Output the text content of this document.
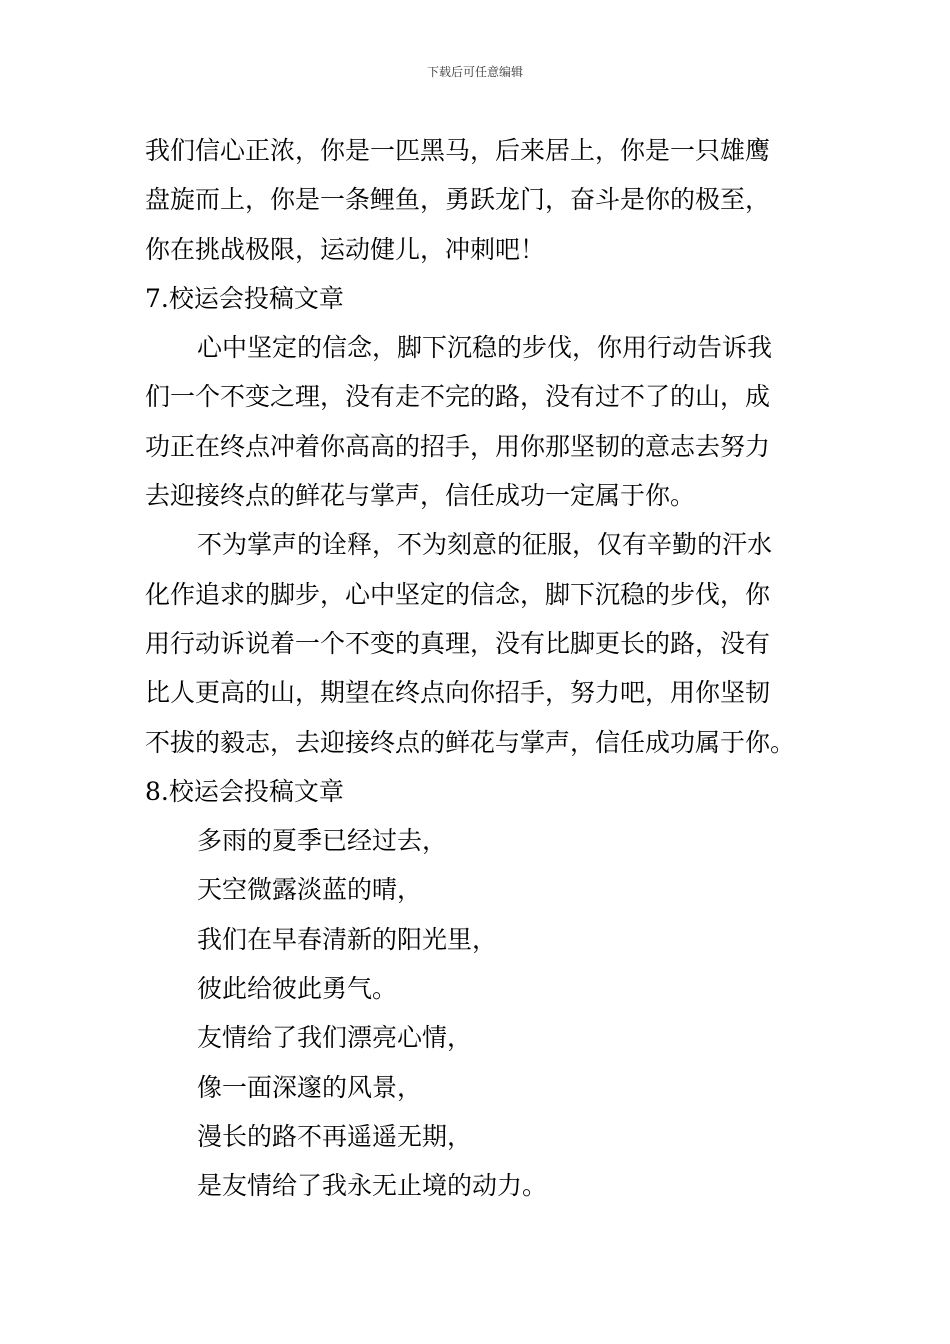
下载后可任意编辑
我们信心正浓，你是一匹黑马，后来居上，你是一只雄鹰
盘旋而上，你是一条鲤鱼，勇跃龙门，奋斗是你的极至，
你在挑战极限，运动健儿，冲刺吧！
7.校运会投稿文章
心中坚定的信念，脚下沉稳的步伐，你用行动告诉我
们一个不变之理，没有走不完的路，没有过不了的山，成
功正在终点冲着你高高的招手，用你那坚韧的意志去努力
去迎接终点的鲜花与掌声，信任成功一定属于你。
不为掌声的诠释，不为刻意的征服，仅有辛勤的汗水
化作追求的脚步，心中坚定的信念，脚下沉稳的步伐，你
用行动诉说着一个不变的真理，没有比脚更长的路，没有
比人更高的山，期望在终点向你招手，努力吧，用你坚韧
不拔的毅志，去迎接终点的鲜花与掌声，信任成功属于你。
8.校运会投稿文章
多雨的夏季已经过去，
天空微露淡蓝的晴，
我们在早春清新的阳光里，
彼此给彼此勇气。
友情给了我们漂亮心情，
像一面深邃的风景，
漫长的路不再遥遥无期，
是友情给了我永无止境的动力。
